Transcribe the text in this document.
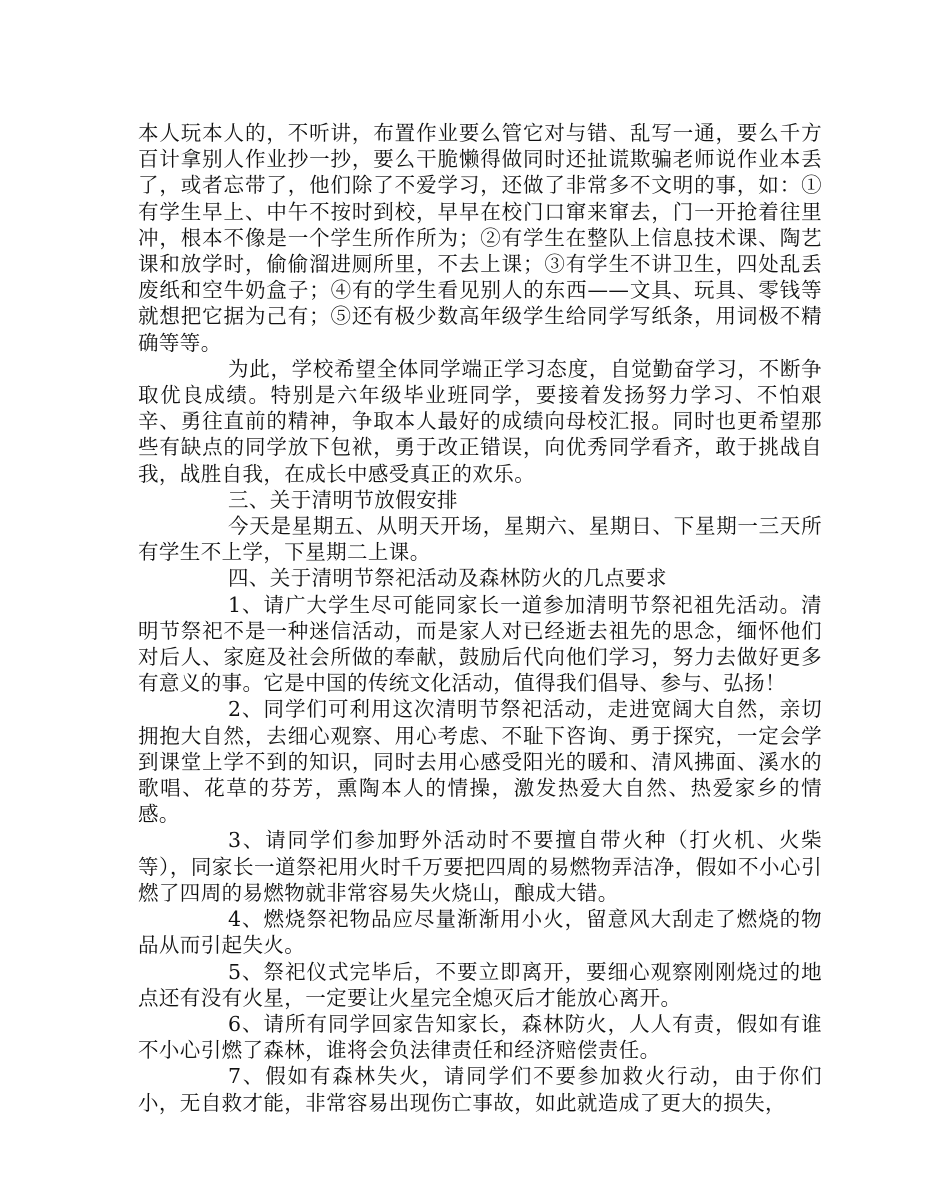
本人玩本人的，不听讲，布置作业要么管它对与错、乱写一通，要么千方百计拿别人作业抄一抄，要么干脆懒得做同时还扯谎欺骗老师说作业本丢了，或者忘带了，他们除了不爱学习，还做了非常多不文明的事，如：①有学生早上、中午不按时到校，早早在校门口窜来窜去，门一开抢着往里冲，根本不像是一个学生所作所为；②有学生在整队上信息技术课、陶艺课和放学时，偷偷溜进厕所里，不去上课；③有学生不讲卫生，四处乱丢废纸和空牛奶盒子；④有的学生看见别人的东西——文具、玩具、零钱等就想把它据为己有；⑤还有极少数高年级学生给同学写纸条，用词极不精确等等。

为此，学校希望全体同学端正学习态度，自觉勤奋学习，不断争取优良成绩。特别是六年级毕业班同学，要接着发扬努力学习、不怕艰辛、勇往直前的精神，争取本人最好的成绩向母校汇报。同时也更希望那些有缺点的同学放下包袱，勇于改正错误，向优秀同学看齐，敢于挑战自我，战胜自我，在成长中感受真正的欢乐。

三、关于清明节放假安排

今天是星期五、从明天开场，星期六、星期日、下星期一三天所有学生不上学，下星期二上课。

四、关于清明节祭祀活动及森林防火的几点要求

1、请广大学生尽可能同家长一道参加清明节祭祀祖先活动。清明节祭祀不是一种迷信活动，而是家人对已经逝去祖先的思念，缅怀他们对后人、家庭及社会所做的奉献，鼓励后代向他们学习，努力去做好更多有意义的事。它是中国的传统文化活动，值得我们倡导、参与、弘扬！

2、同学们可利用这次清明节祭祀活动，走进宽阔大自然，亲切拥抱大自然，去细心观察、用心考虑、不耻下咨询、勇于探究，一定会学到课堂上学不到的知识，同时去用心感受阳光的暖和、清风拂面、溪水的歌唱、花草的芬芳，熏陶本人的情操，激发热爱大自然、热爱家乡的情感。

3、请同学们参加野外活动时不要擅自带火种（打火机、火柴等），同家长一道祭祀用火时千万要把四周的易燃物弄洁净，假如不小心引燃了四周的易燃物就非常容易失火烧山，酿成大错。

4、燃烧祭祀物品应尽量渐渐用小火，留意风大刮走了燃烧的物品从而引起失火。

5、祭祀仪式完毕后，不要立即离开，要细心观察刚刚烧过的地点还有没有火星，一定要让火星完全熄灭后才能放心离开。

6、请所有同学回家告知家长，森林防火，人人有责，假如有谁不小心引燃了森林，谁将会负法律责任和经济赔偿责任。

7、假如有森林失火，请同学们不要参加救火行动，由于你们小，无自救才能，非常容易出现伤亡事故，如此就造成了更大的损失，
